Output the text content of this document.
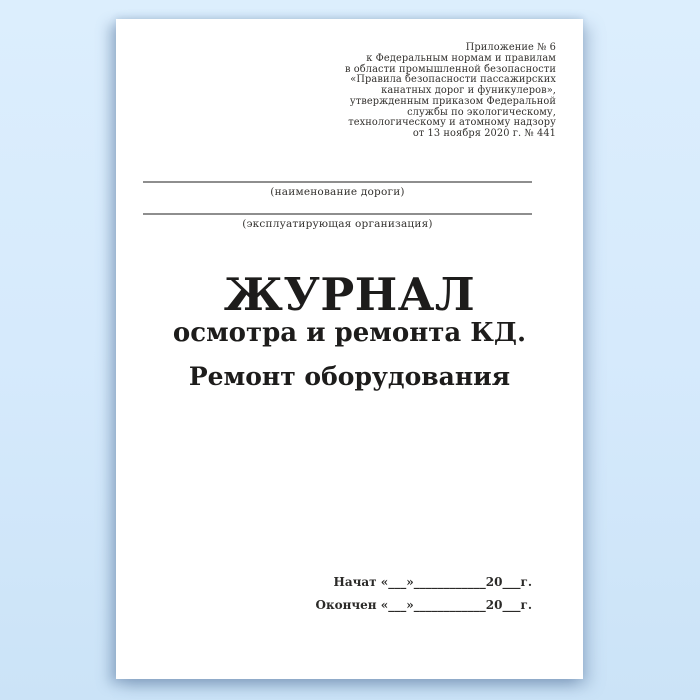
Приложение № 6
к Федеральным нормам и правилам
в области промышленной безопасности
«Правила безопасности пассажирских
канатных дорог и фуникулеров»,
утвержденным приказом Федеральной
службы по экологическому,
технологическому и атомному надзору
от 13 ноября 2020 г. № 441
(наименование дороги)
(эксплуатирующая организация)
ЖУРНАЛ
осмотра и ремонта КД.
Ремонт оборудования
Начат «___»____________20___г.
Окончен «___»____________20___г.
